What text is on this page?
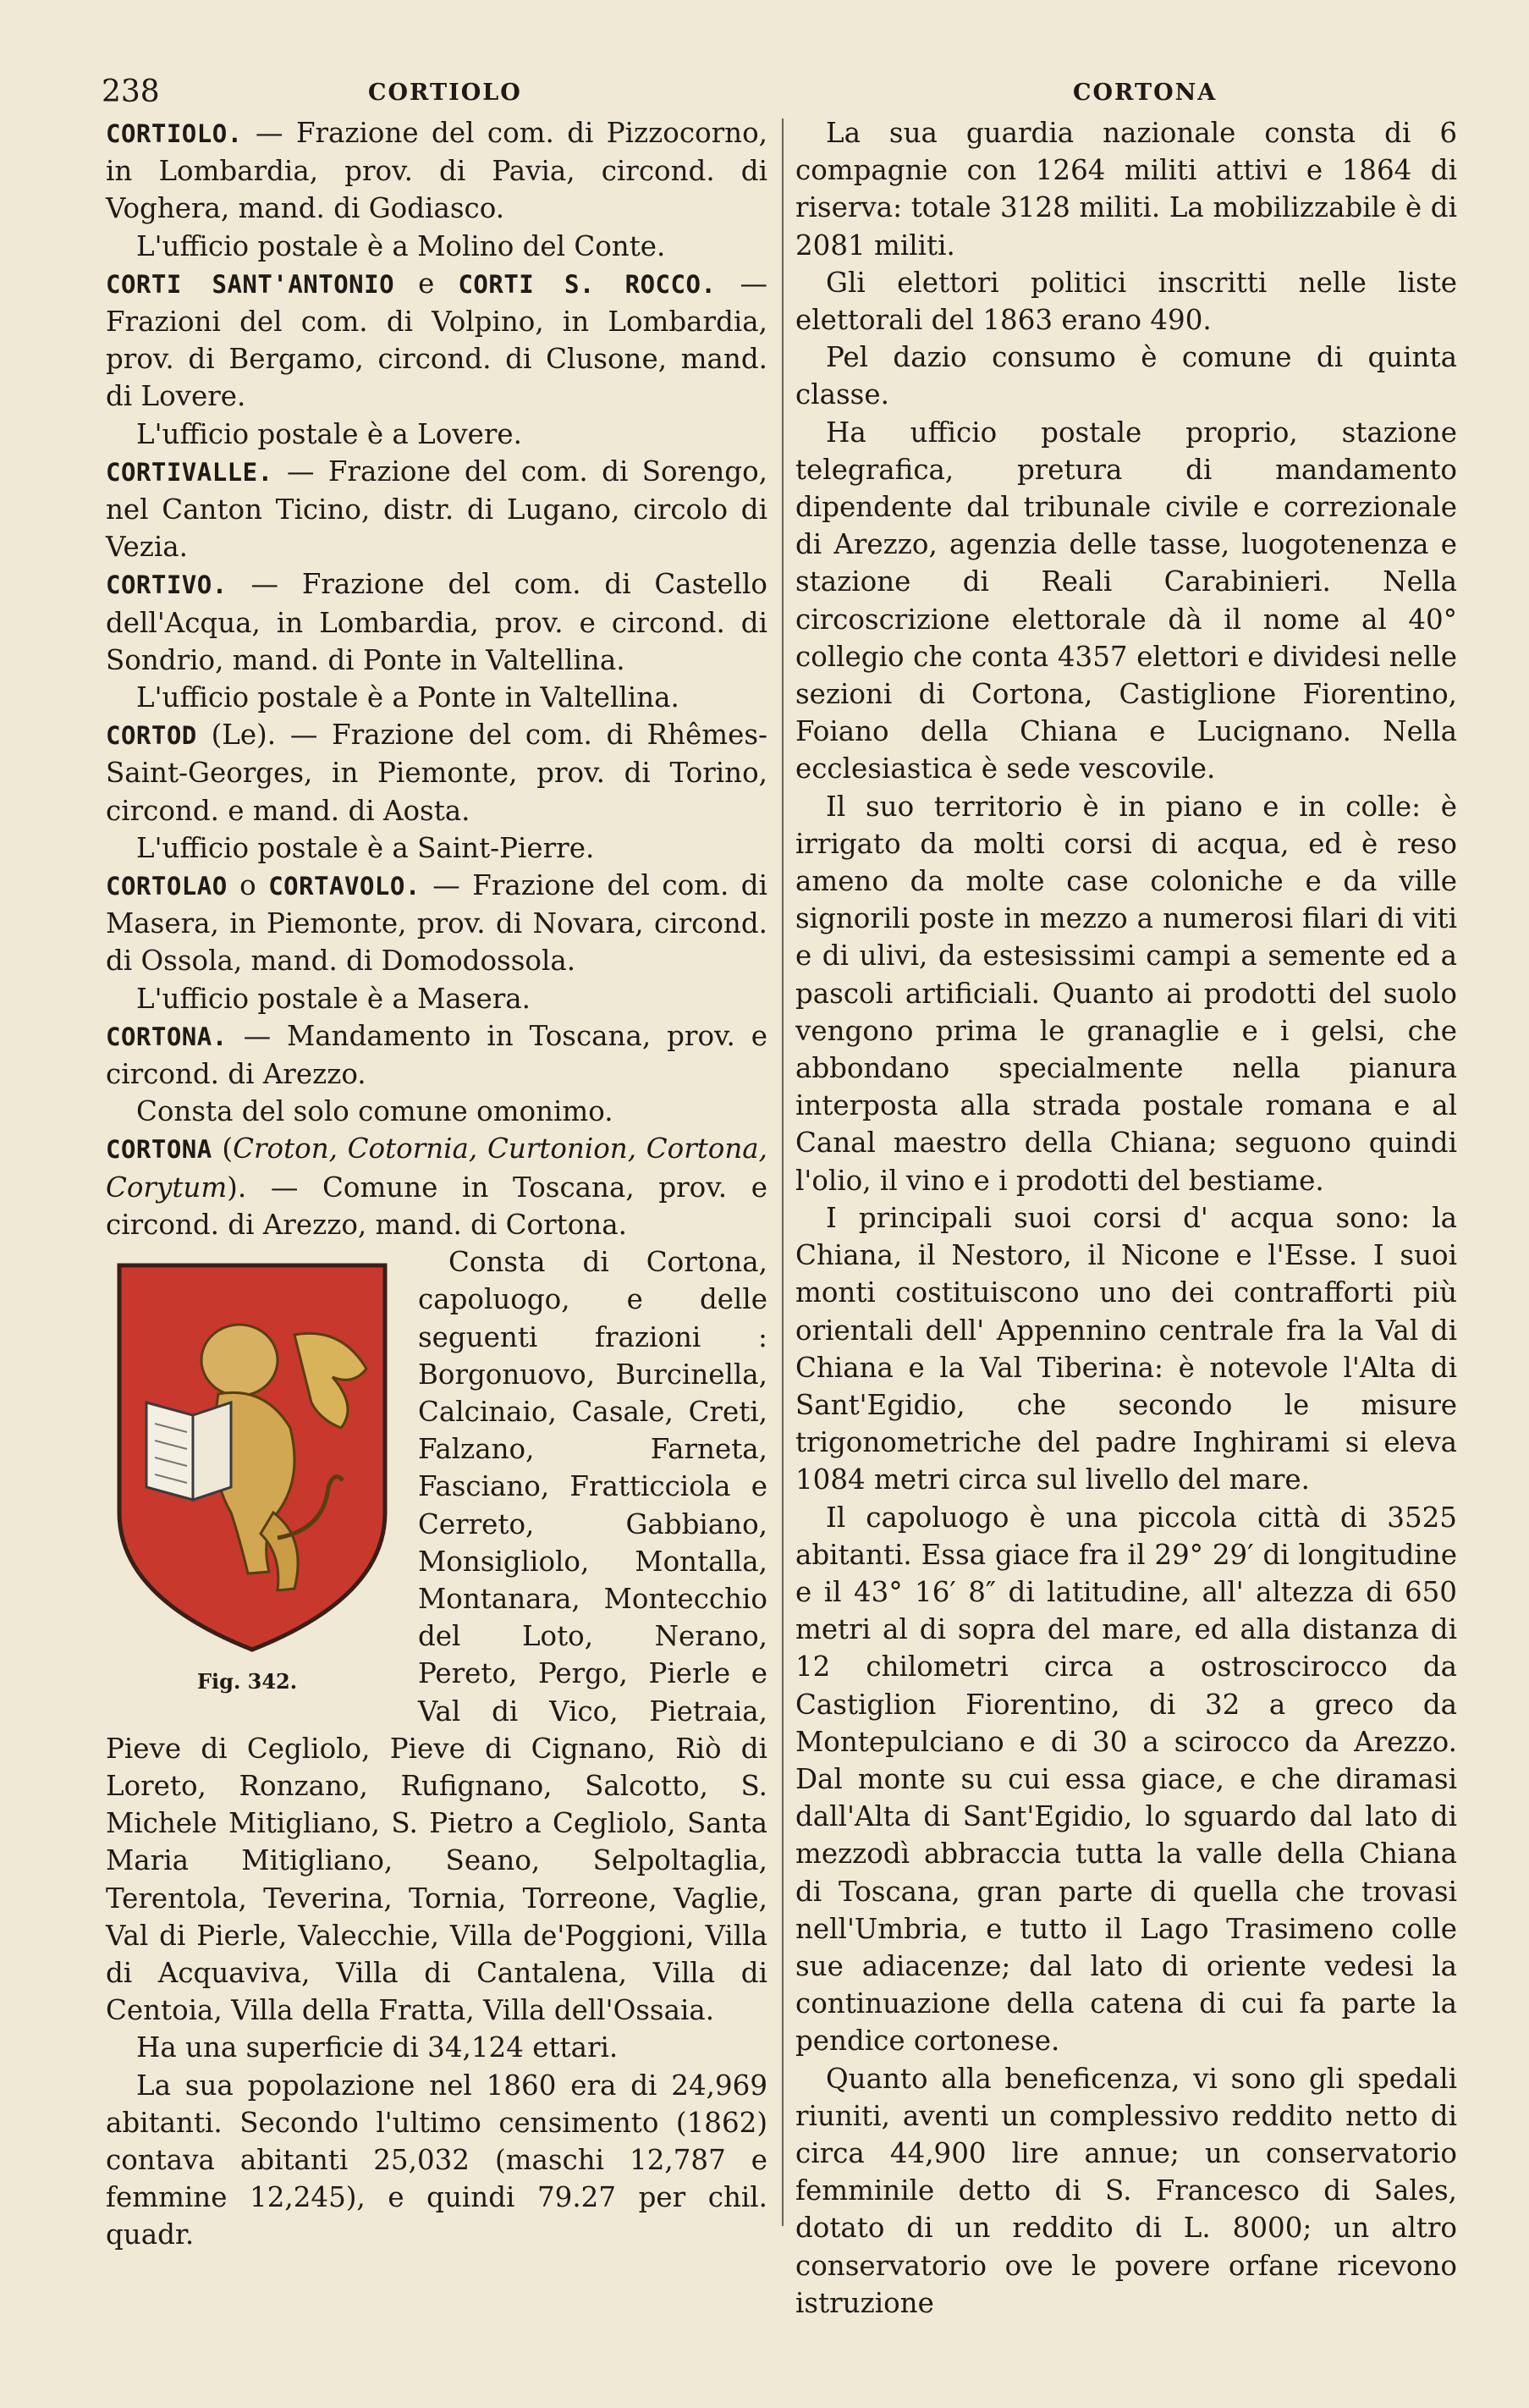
238	CORTIOLO	CORTONA

CORTIOLO. — Frazione del com. di Pizzocorno, in Lombardia, prov. di Pavia, circond. di Voghera, mand. di Godiasco.

L'ufficio postale è a Molino del Conte.

CORTI SANT'ANTONIO e CORTI S. ROCCO. — Frazioni del com. di Volpino, in Lombardia, prov. di Bergamo, circond. di Clusone, mand. di Lovere.

L'ufficio postale è a Lovere.

CORTIVALLE. — Frazione del com. di Sorengo, nel Canton Ticino, distr. di Lugano, circolo di Vezia.

CORTIVO. — Frazione del com. di Castello dell'Acqua, in Lombardia, prov. e circond. di Sondrio, mand. di Ponte in Valtellina.

L'ufficio postale è a Ponte in Valtellina.

CORTOD (Le). — Frazione del com. di Rhêmes-Saint-Georges, in Piemonte, prov. di Torino, circond. e mand. di Aosta.

L'ufficio postale è a Saint-Pierre.

CORTOLAO o CORTAVOLO. — Frazione del com. di Masera, in Piemonte, prov. di Novara, circond. di Ossola, mand. di Domodossola.

L'ufficio postale è a Masera.

CORTONA. — Mandamento in Toscana, prov. e circond. di Arezzo.

Consta del solo comune omonimo.

CORTONA (Croton, Cotornia, Curtonion, Cortona, Corytum). — Comune in Toscana, prov. e circond. di Arezzo, mand. di Cortona.

Fig. 342.

Consta di Cortona, capoluogo, e delle seguenti frazioni : Borgonuovo, Burcinella, Calcinaio, Casale, Creti, Falzano, Farneta, Fasciano, Fratticciola e Cerreto, Gabbiano, Monsigliolo, Montalla, Montanara, Montecchio del Loto, Nerano, Pereto, Pergo, Pierle e Val di Vico, Pietraia, Pieve di Cegliolo, Pieve di Cignano, Riò di Loreto, Ronzano, Rufignano, Salcotto, S. Michele Mitigliano, S. Pietro a Cegliolo, Santa Maria Mitigliano, Seano, Selpoltaglia, Terentola, Teverina, Tornia, Torreone, Vaglie, Val di Pierle, Valecchie, Villa de'Poggioni, Villa di Acquaviva, Villa di Cantalena, Villa di Centoia, Villa della Fratta, Villa dell'Ossaia.

Ha una superficie di 34,124 ettari.

La sua popolazione nel 1860 era di 24,969 abitanti. Secondo l'ultimo censimento (1862) contava abitanti 25,032 (maschi 12,787 e femmine 12,245), e quindi 79.27 per chil. quadr.

La sua guardia nazionale consta di 6 compagnie con 1264 militi attivi e 1864 di riserva: totale 3128 militi. La mobilizzabile è di 2081 militi.

Gli elettori politici inscritti nelle liste elettorali del 1863 erano 490.

Pel dazio consumo è comune di quinta classe.

Ha ufficio postale proprio, stazione telegrafica, pretura di mandamento dipendente dal tribunale civile e correzionale di Arezzo, agenzia delle tasse, luogotenenza e stazione di Reali Carabinieri. Nella circoscrizione elettorale dà il nome al 40° collegio che conta 4357 elettori e dividesi nelle sezioni di Cortona, Castiglione Fiorentino, Foiano della Chiana e Lucignano. Nella ecclesiastica è sede vescovile.

Il suo territorio è in piano e in colle: è irrigato da molti corsi di acqua, ed è reso ameno da molte case coloniche e da ville signorili poste in mezzo a numerosi filari di viti e di ulivi, da estesissimi campi a semente ed a pascoli artificiali. Quanto ai prodotti del suolo vengono prima le granaglie e i gelsi, che abbondano specialmente nella pianura interposta alla strada postale romana e al Canal maestro della Chiana; seguono quindi l'olio, il vino e i prodotti del bestiame.

I principali suoi corsi d' acqua sono: la Chiana, il Nestoro, il Nicone e l'Esse. I suoi monti costituiscono uno dei contrafforti più orientali dell' Appennino centrale fra la Val di Chiana e la Val Tiberina: è notevole l'Alta di Sant'Egidio, che secondo le misure trigonometriche del padre Inghirami si eleva 1084 metri circa sul livello del mare.

Il capoluogo è una piccola città di 3525 abitanti. Essa giace fra il 29° 29′ di longitudine e il 43° 16′ 8″ di latitudine, all' altezza di 650 metri al di sopra del mare, ed alla distanza di 12 chilometri circa a ostroscirocco da Castiglion Fiorentino, di 32 a greco da Montepulciano e di 30 a scirocco da Arezzo. Dal monte su cui essa giace, e che diramasi dall'Alta di Sant'Egidio, lo sguardo dal lato di mezzodì abbraccia tutta la valle della Chiana di Toscana, gran parte di quella che trovasi nell'Umbria, e tutto il Lago Trasimeno colle sue adiacenze; dal lato di oriente vedesi la continuazione della catena di cui fa parte la pendice cortonese.

Quanto alla beneficenza, vi sono gli spedali riuniti, aventi un complessivo reddito netto di circa 44,900 lire annue; un conservatorio femminile detto di S. Francesco di Sales, dotato di un reddito di L. 8000; un altro conservatorio ove le povere orfane ricevono istruzione
